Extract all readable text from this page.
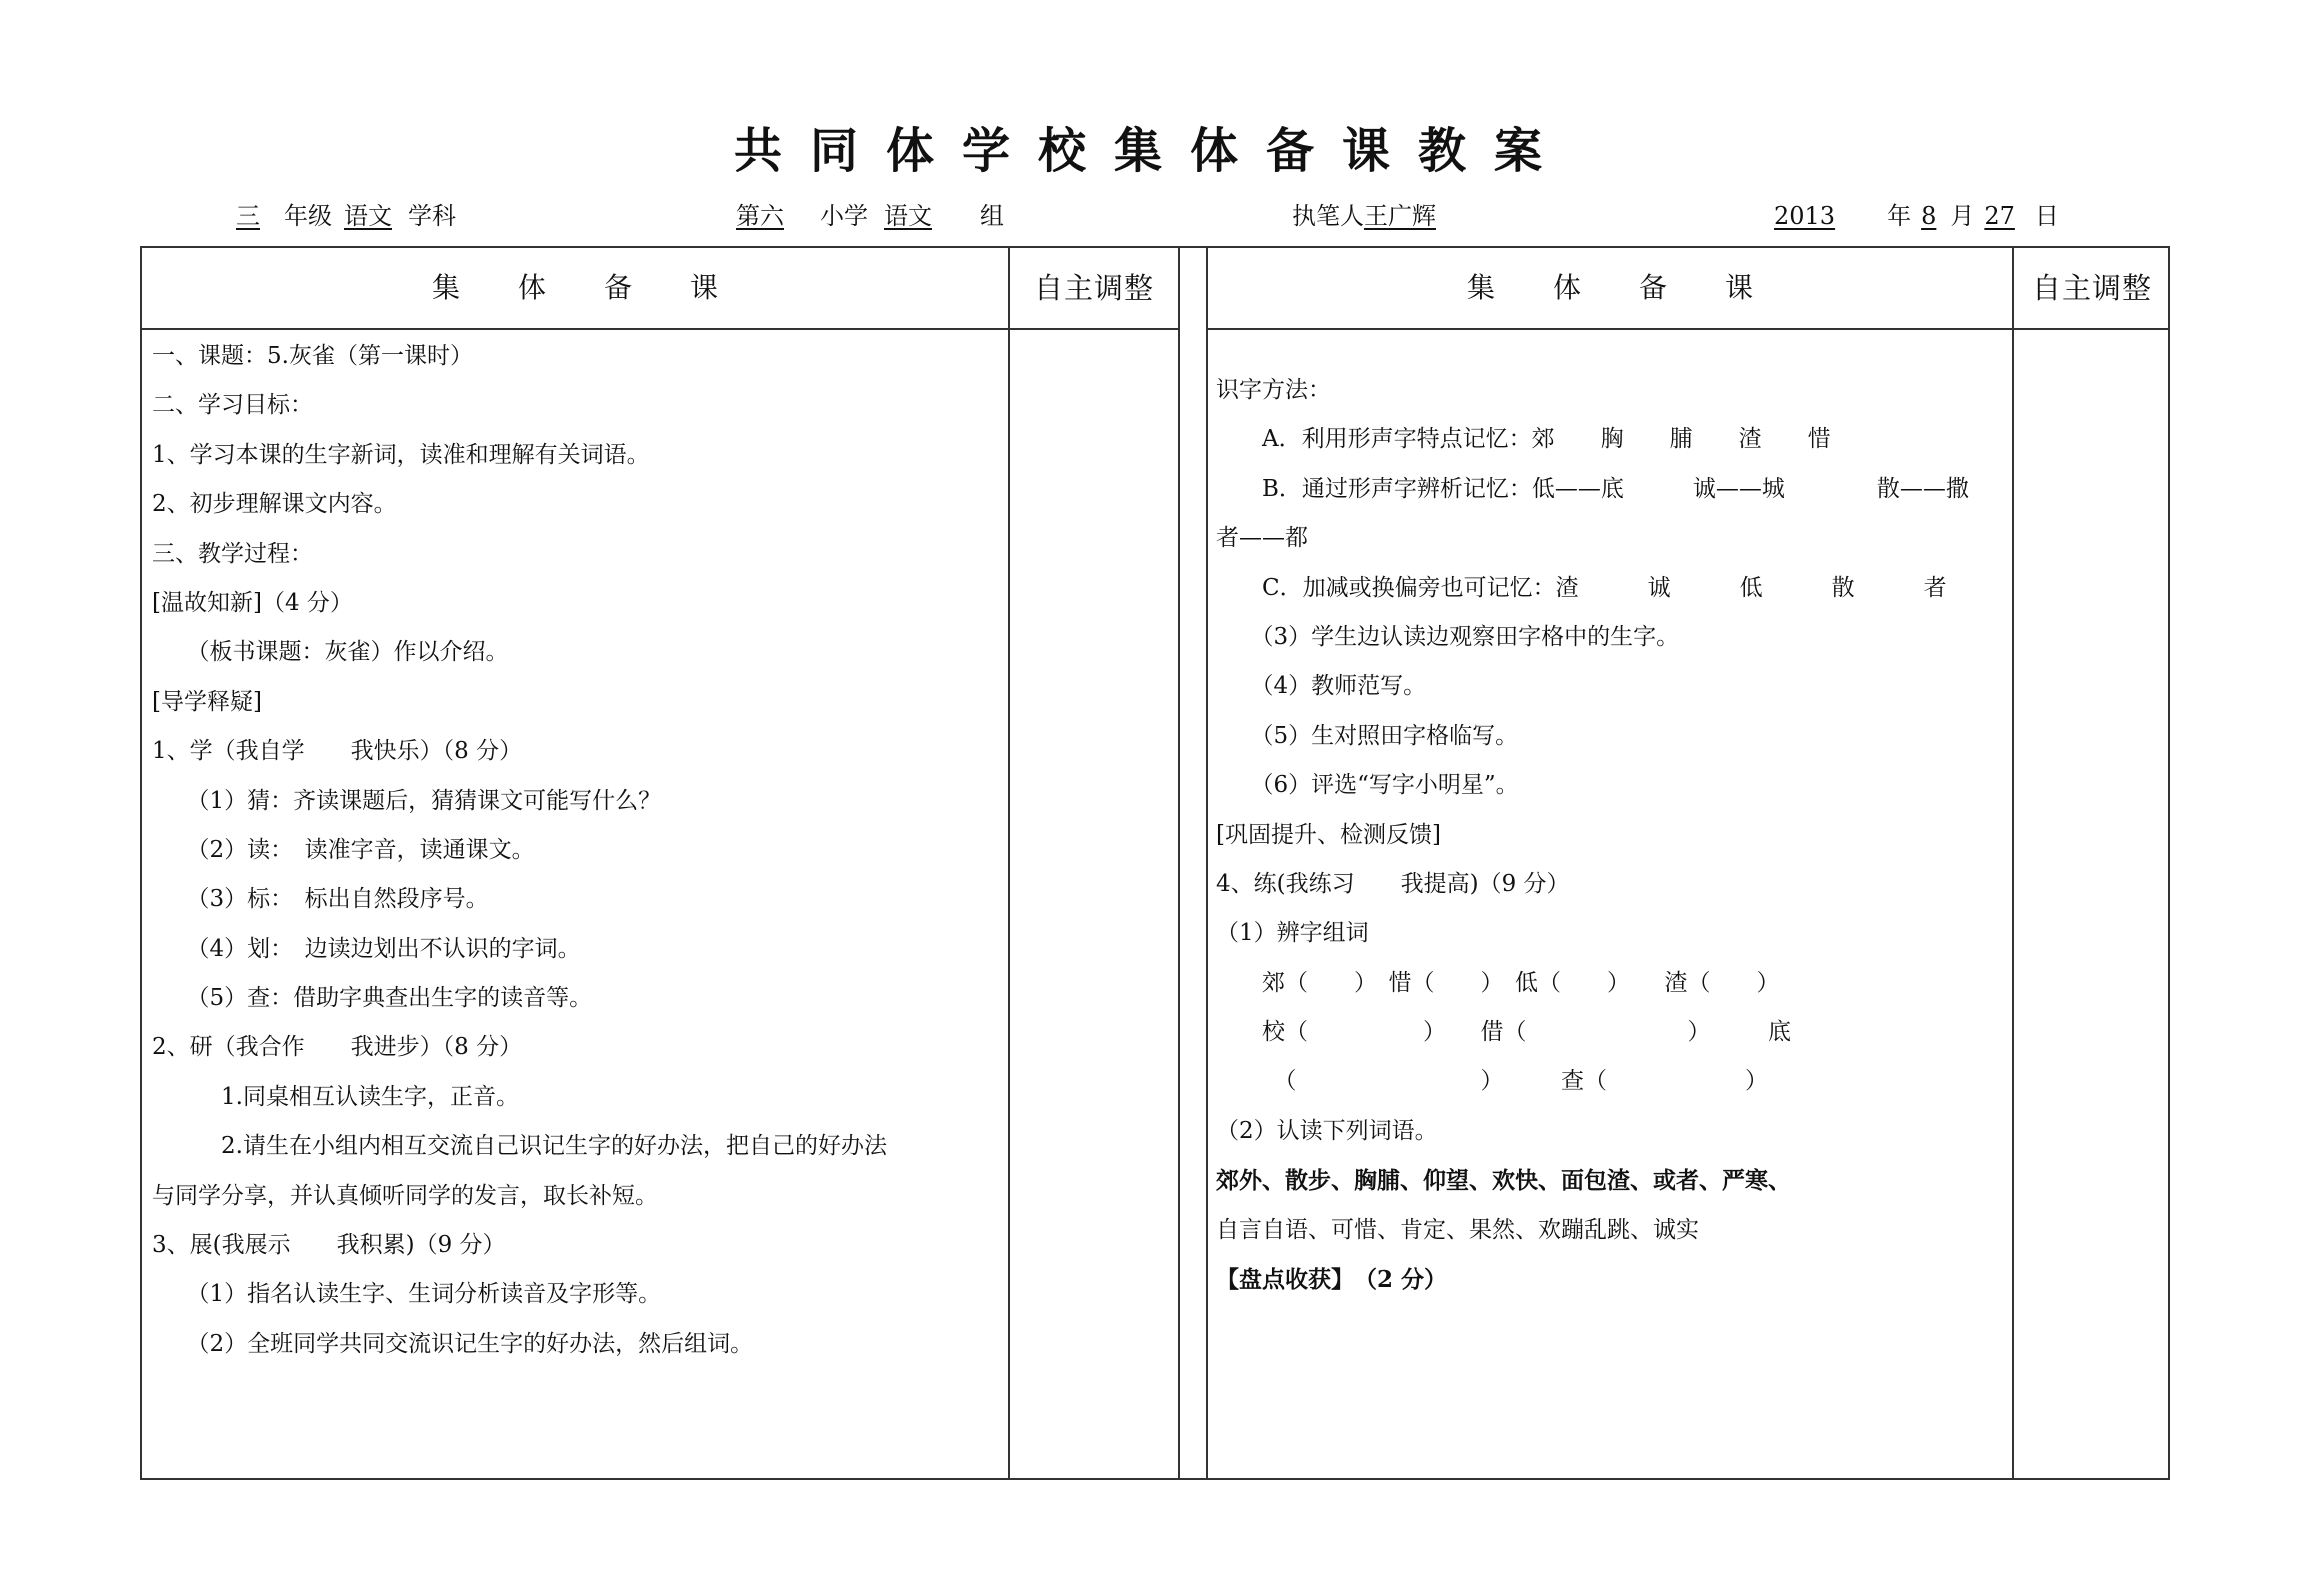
共同体学校集体备课教案
三 年级 语文 学科	第六 小学 语文 组	执笔人王广辉	2013 年 8 月 27 日
集体备课	自主调整	集体备课	自主调整
一、课题：5.灰雀（第一课时）
二、学习目标：
1、学习本课的生字新词，读准和理解有关词语。
2、初步理解课文内容。
三、教学过程：
[温故知新]（4 分）
　　（板书课题：灰雀）作以介绍。
[导学释疑]
1、学（我自学　　我快乐）（8 分）
　　（1）猜：齐读课题后，猜猜课文可能写什么？
　　（2）读：　读准字音，读通课文。
　　（3）标：　标出自然段序号。
　　（4）划：　边读边划出不认识的字词。
　　（5）查：借助字典查出生字的读音等。
2、研（我合作　　我进步）（8 分）
　　　1.同桌相互认读生字，正音。
　　　2.请生在小组内相互交流自己识记生字的好办法，把自己的好办法
与同学分享，并认真倾听同学的发言，取长补短。
3、展(我展示　　我积累)（9 分）
　　（1）指名认读生字、生词分析读音及字形等。
　　（2）全班同学共同交流识记生字的好办法，然后组词。
识字方法：
　　A．利用形声字特点记忆：郊　　胸　　脯　　渣　　惜
　　B．通过形声字辨析记忆：低——底　　　诚——城　　　　散——撒
者——都
　　C．加减或换偏旁也可记忆：渣　　　诚　　　低　　　散　　　者
　　（3）学生边认读边观察田字格中的生字。
　　（4）教师范写。
　　（5）生对照田字格临写。
　　（6）评选“写字小明星”。
[巩固提升、检测反馈]
4、练(我练习　　我提高)（9 分）
（1）辨字组词
　　郊（　　）　惜（　　）　低（　　）　　渣（　　）
　　校（　　　　　）　　借（　　　　　　　）　　　底
　　　（　　　　　　　　）　　　查（　　　　　　）
（2）认读下列词语。
郊外、散步、胸脯、仰望、欢快、面包渣、或者、严寒、
自言自语、可惜、肯定、果然、欢蹦乱跳、诚实
【盘点收获】　（2 分）
